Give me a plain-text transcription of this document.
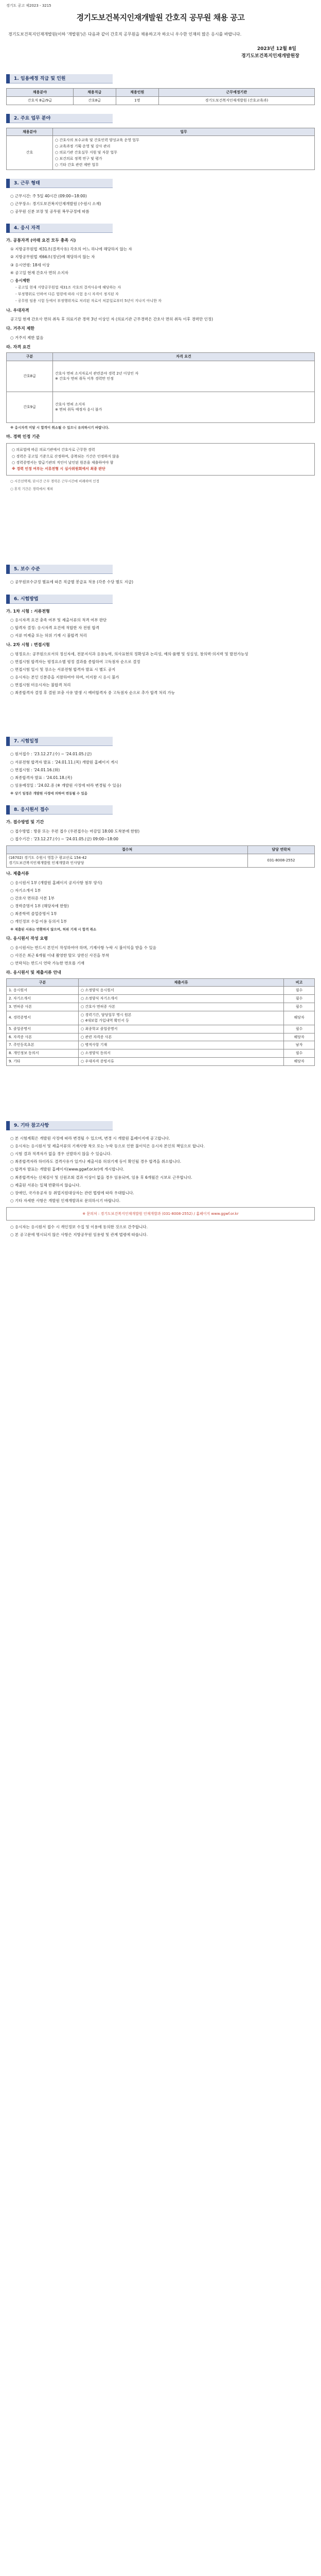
경기도 공고 제2023 - 3215
경기도보건복지인재개발원 간호직 공무원 채용 공고
경기도보건복지인재개발원(이하 '개발원')은 다음과 같이 간호직 공무원을 채용하고자 하오니 우수한 인재의 많은 응시를 바랍니다.
2023년 12월 8일
경기도보건복지인재개발원장
1. 임용예정 직급 및 인원
채용분야	채용직급	채용인원	근무예정기관
간호직 8급/9급	간호8급	1명	경기도보건복지인재개발원 (간호교육과)
2. 주요 업무 분야
채용분야	업무
간호	○ 간호사의 보수교육 및 간호인력 양성교육 운영 업무
○ 교육과정 기획·운영 및 강사 관리
○ 의료기관 간호실무 지원 및 자문 업무
○ 보건의료 정책 연구 및 평가
○ 기타 간호 관련 제반 업무
3. 근무 형태
○ 근무시간: 주 5일 40시간 (09:00~18:00)
○ 근무장소: 경기도보건복지인재개발원 (수원시 소재)
○ 공무원 신분 보장 및 공무원 복무규정에 따름
4. 응시 자격
가. 공통자격 (아래 요건 모두 충족 시)
① 지방공무원법 제31조(결격사유) 각호의 어느 하나에 해당하지 않는 자
② 지방공무원법 제66조(정년)에 해당하지 않는 자
③ 응시연령: 18세 이상
④ 공고일 현재 간호사 면허 소지자
○ 응시제한
- 공고일 현재 지방공무원법 제31조 각호의 결격사유에 해당하는 자
- 부정행위로 인하여 다른 법령에 따라 시험 응시 자격이 정지된 자
- 공무원 임용 시험 등에서 부정행위자로 처리된 자로서 처분일로부터 5년이 지나지 아니한 자
나. 우대자격
공고일 현재 간호사 면허 취득 후 의료기관 경력 3년 이상인 자 (의료기관 근무경력은 간호사 면허 취득 이후 경력만 인정)
다. 거주지 제한
○ 거주지 제한 없음
라. 자격 요건
구분	자격 요건
간호8급	간호사 면허 소지자로서 관련분야 경력 2년 이상인 자
※ 간호사 면허 취득 이후 경력만 인정
간호9급	간호사 면허 소지자
※ 면허 취득 예정자 응시 불가
※ 응시자격 미달 시 합격이 취소될 수 있으니 유의하시기 바랍니다.
마. 경력 인정 기준
○ 의료법에 따른 의료기관에서 간호사로 근무한 경력
○ 경력은 공고일 기준으로 산정하며, 중복되는 기간은 인정하지 않음
○ 경력증명서는 발급기관의 직인이 날인된 원본을 제출하여야 함
※ 경력 인정 여부는 서류전형 시 심사위원회에서 최종 판단
○ 시간선택제, 단시간 근무 경력은 근무시간에 비례하여 인정
○ 휴직 기간은 경력에서 제외
5. 보수 수준
○ 공무원보수규정 별표에 따른 직급별 봉급표 적용 (각종 수당 별도 지급)
6. 시험방법
가. 1차 시험 : 서류전형
○ 응시자격 요건 충족 여부 및 제출서류의 적격 여부 판단
○ 합격자 결정: 응시자격 요건에 적합한 자 전원 합격
○ 서류 미제출 또는 허위 기재 시 불합격 처리
나. 2차 시험 : 면접시험
○ 평정요소: 공무원으로서의 정신자세, 전문지식과 응용능력, 의사표현의 정확성과 논리성, 예의·품행 및 성실성, 창의력·의지력 및 발전가능성
○ 면접시험 합격자는 평정요소별 평정 결과를 종합하여 고득점자 순으로 결정
○ 면접시험 일시 및 장소는 서류전형 합격자 발표 시 별도 공지
○ 응시자는 본인 신분증을 지참하여야 하며, 미지참 시 응시 불가
○ 면접시험 미응시자는 불합격 처리
○ 최종합격자 결정 후 결원 보충 사유 발생 시 예비합격자 중 고득점자 순으로 추가 합격 처리 가능
7. 시험일정
○ 원서접수 : '23.12.27.(수) ~ '24.01.05.(금)
○ 서류전형 합격자 발표 : '24.01.11.(목) 개발원 홈페이지 게시
○ 면접시험 : '24.01.16.(화)
○ 최종합격자 발표 : '24.01.18.(목)
○ 임용예정일 : '24.02.중 (※ 개발원 사정에 따라 변경될 수 있음)
※ 상기 일정은 개발원 사정에 의하여 변동될 수 있음
8. 응시원서 접수
가. 접수방법 및 기간
○ 접수방법 : 방문 또는 우편 접수 (우편접수는 마감일 18:00 도착분에 한함)
○ 접수기간 : '23.12.27.(수) ~ '24.01.05.(금) 09:00~18:00
접수처	담당 연락처
(16702) 경기도 수원시 영통구 광교산로 154-42
경기도보건복지인재개발원 인재개발과 인사담당	031-8008-2552
나. 제출서류
○ 응시원서 1부 (개발원 홈페이지 공지사항 첨부 양식)
○ 자기소개서 1부
○ 간호사 면허증 사본 1부
○ 경력증명서 1부 (해당자에 한함)
○ 최종학력 졸업증명서 1부
○ 개인정보 수집·이용 동의서 1부
※ 제출된 서류는 반환하지 않으며, 허위 기재 시 합격 취소
다. 응시원서 작성 요령
○ 응시원서는 반드시 본인이 작성하여야 하며, 기재사항 누락 시 불이익을 받을 수 있음
○ 사진은 최근 6개월 이내 촬영한 탈모 상반신 사진을 부착
○ 연락처는 반드시 연락 가능한 번호를 기재
라. 응시원서 및 제출서류 안내
구분	제출서류	비고
1. 응시원서	○ 소정양식 응시원서	필수
2. 자기소개서	○ 소정양식 자기소개서	필수
3. 면허증 사본	○ 간호사 면허증 사본	필수
4. 경력증명서	○ 경력기간, 담당업무 명시 원본
○ 4대보험 가입내역 확인서 등	해당자
5. 졸업증명서	○ 최종학교 졸업증명서	필수
6. 자격증 사본	○ 관련 자격증 사본	해당자
7. 주민등록초본	○ 병적사항 기재	남자
8. 개인정보 동의서	○ 소정양식 동의서	필수
9. 기타	○ 우대자격 증빙서류	해당자
9. 기타 참고사항
○ 본 시험계획은 개발원 사정에 따라 변경될 수 있으며, 변경 시 개발원 홈페이지에 공고합니다.
○ 응시자는 응시원서 및 제출서류의 기재사항 착오 또는 누락 등으로 인한 불이익은 응시자 본인의 책임으로 합니다.
○ 시험 결과 적격자가 없을 경우 선발하지 않을 수 있습니다.
○ 최종합격자라 하더라도 결격사유가 있거나 제출서류 허위기재 등이 확인될 경우 합격을 취소합니다.
○ 합격자 발표는 개발원 홈페이지(www.ggwf.or.kr)에 게시합니다.
○ 최종합격자는 신체검사 및 신원조회 결과 이상이 없을 경우 임용되며, 임용 후 6개월간 시보로 근무합니다.
○ 제출된 서류는 일체 반환하지 않습니다.
○ 장애인, 국가유공자 등 취업지원대상자는 관련 법령에 따라 우대합니다.
○ 기타 자세한 사항은 개발원 인재개발과로 문의하시기 바랍니다.
※ 문의처 : 경기도보건복지인재개발원 인재개발과 (031-8008-2552) / 홈페이지 www.ggwf.or.kr
○ 응시자는 응시원서 접수 시 개인정보 수집 및 이용에 동의한 것으로 간주합니다.
○ 본 공고문에 명시되지 않은 사항은 지방공무원 임용령 및 관계 법령에 따릅니다.
